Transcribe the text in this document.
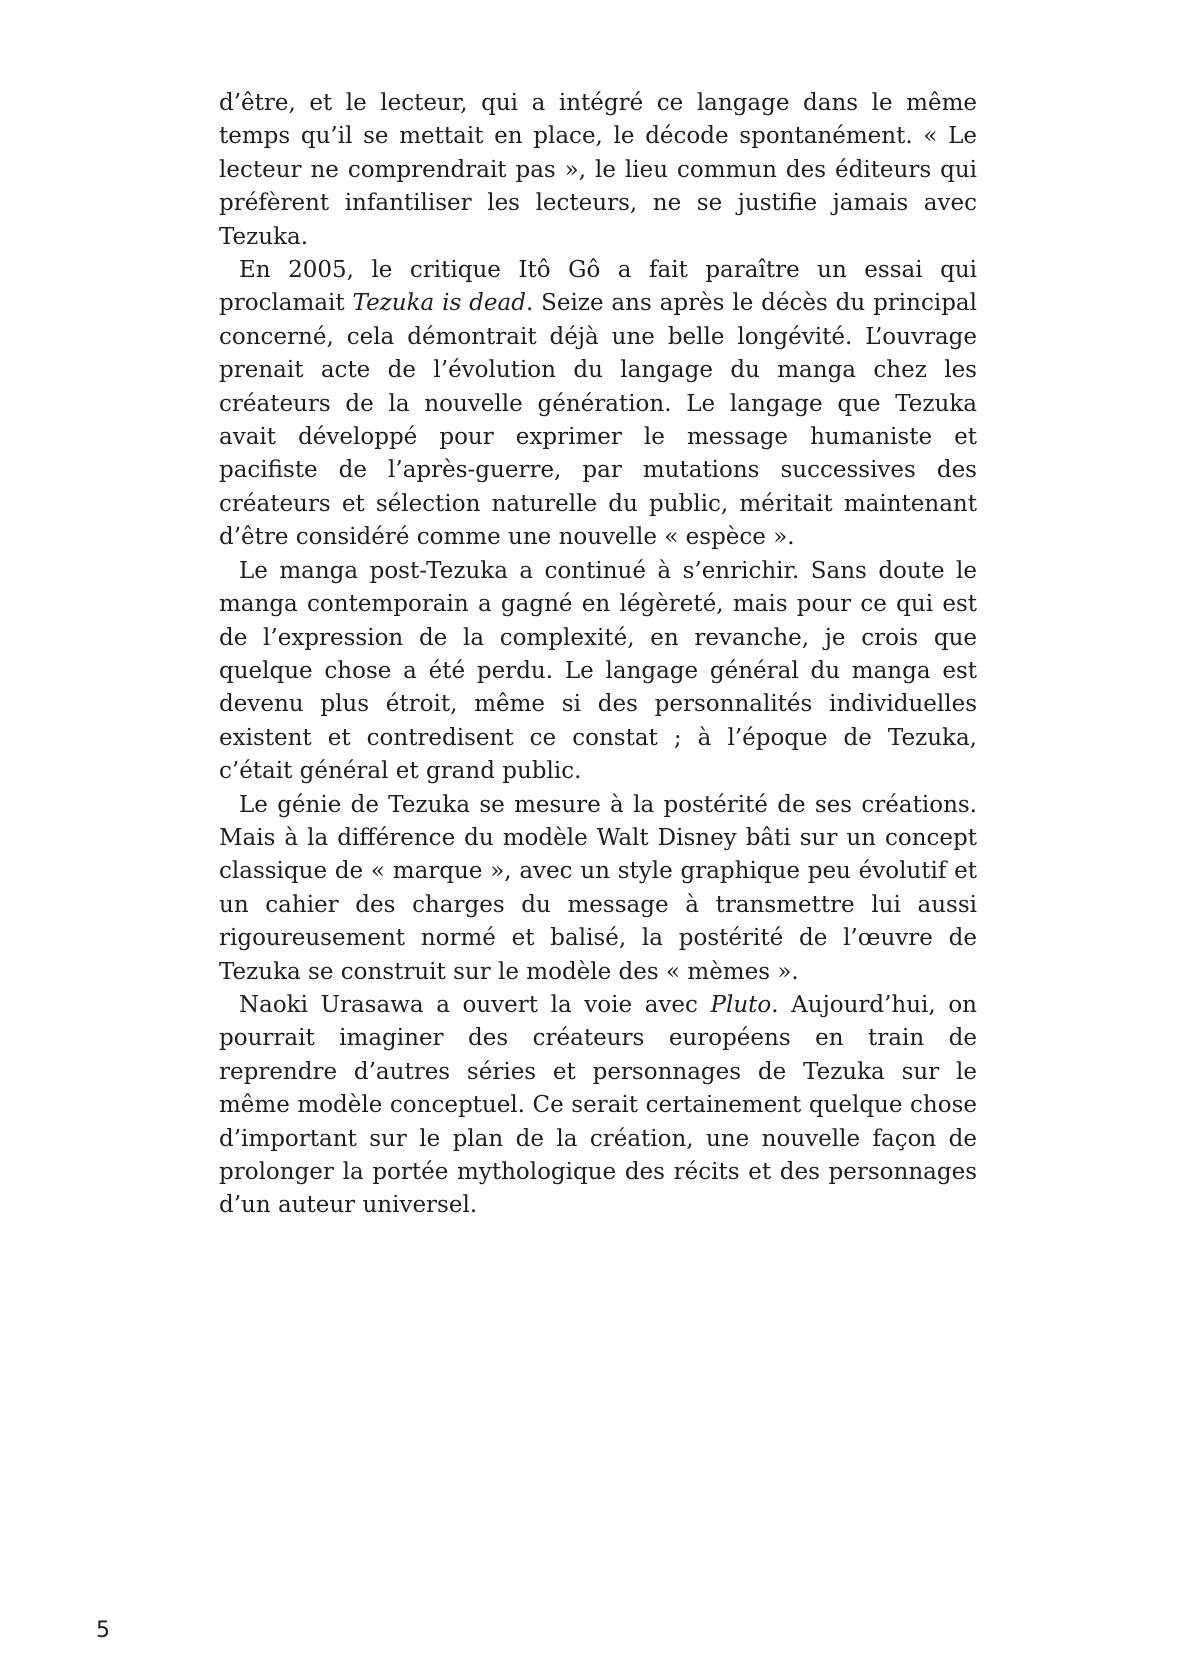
d’être, et le lecteur, qui a intégré ce langage dans le même temps qu’il se mettait en place, le décode spontanément. « Le lecteur ne comprendrait pas », le lieu commun des éditeurs qui préfèrent infantiliser les lecteurs, ne se justifie jamais avec Tezuka.

En 2005, le critique Itô Gô a fait paraître un essai qui proclamait Tezuka is dead. Seize ans après le décès du principal concerné, cela démontrait déjà une belle longévité. L’ouvrage prenait acte de l’évolution du langage du manga chez les créateurs de la nouvelle génération. Le langage que Tezuka avait développé pour exprimer le message humaniste et pacifiste de l’après-guerre, par mutations successives des créateurs et sélection naturelle du public, méritait maintenant d’être considéré comme une nouvelle « espèce ».

Le manga post-Tezuka a continué à s’enrichir. Sans doute le manga contemporain a gagné en légèreté, mais pour ce qui est de l’expression de la complexité, en revanche, je crois que quelque chose a été perdu. Le langage général du manga est devenu plus étroit, même si des personnalités individuelles existent et contredisent ce constat ; à l’époque de Tezuka, c’était général et grand public.

Le génie de Tezuka se mesure à la postérité de ses créations. Mais à la différence du modèle Walt Disney bâti sur un concept classique de « marque », avec un style graphique peu évolutif et un cahier des charges du message à transmettre lui aussi rigoureusement normé et balisé, la postérité de l’œuvre de Tezuka se construit sur le modèle des « mèmes ».

Naoki Urasawa a ouvert la voie avec Pluto. Aujourd’hui, on pourrait imaginer des créateurs européens en train de reprendre d’autres séries et personnages de Tezuka sur le même modèle conceptuel. Ce serait certainement quelque chose d’important sur le plan de la création, une nouvelle façon de prolonger la portée mythologique des récits et des personnages d’un auteur universel.

5
